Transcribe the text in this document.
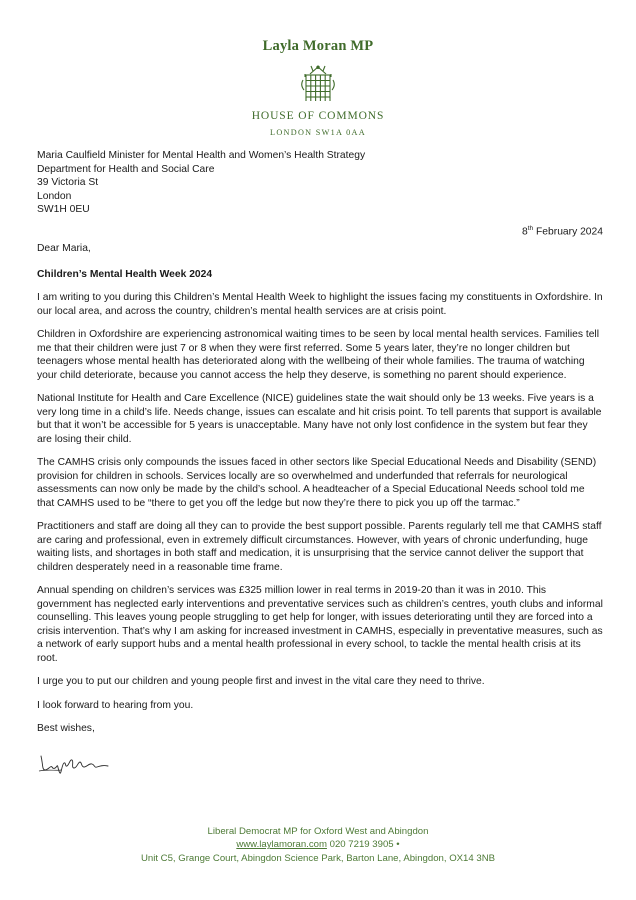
Layla Moran MP
HOUSE OF COMMONS
LONDON SW1A 0AA
Maria Caulfield Minister for Mental Health and Women’s Health Strategy
Department for Health and Social Care
39 Victoria St
London
SW1H 0EU
8th February 2024
Dear Maria,
Children’s Mental Health Week 2024

I am writing to you during this Children’s Mental Health Week to highlight the issues facing my constituents in Oxfordshire. In our local area, and across the country, children’s mental health services are at crisis point.

Children in Oxfordshire are experiencing astronomical waiting times to be seen by local mental health services. Families tell me that their children were just 7 or 8 when they were first referred. Some 5 years later, they’re no longer children but teenagers whose mental health has deteriorated along with the wellbeing of their whole families. The trauma of watching your child deteriorate, because you cannot access the help they deserve, is something no parent should experience.

National Institute for Health and Care Excellence (NICE) guidelines state the wait should only be 13 weeks. Five years is a very long time in a child’s life. Needs change, issues can escalate and hit crisis point. To tell parents that support is available but that it won’t be accessible for 5 years is unacceptable. Many have not only lost confidence in the system but fear they are losing their child.

The CAMHS crisis only compounds the issues faced in other sectors like Special Educational Needs and Disability (SEND) provision for children in schools. Services locally are so overwhelmed and underfunded that referrals for neurological assessments can now only be made by the child’s school. A headteacher of a Special Educational Needs school told me that CAMHS used to be “there to get you off the ledge but now they’re there to pick you up off the tarmac.”

Practitioners and staff are doing all they can to provide the best support possible. Parents regularly tell me that CAMHS staff are caring and professional, even in extremely difficult circumstances. However, with years of chronic underfunding, huge waiting lists, and shortages in both staff and medication, it is unsurprising that the service cannot deliver the support that children desperately need in a reasonable time frame.

Annual spending on children’s services was £325 million lower in real terms in 2019-20 than it was in 2010. This government has neglected early interventions and preventative services such as children’s centres, youth clubs and informal counselling. This leaves young people struggling to get help for longer, with issues deteriorating until they are forced into a crisis intervention. That’s why I am asking for increased investment in CAMHS, especially in preventative measures, such as a network of early support hubs and a mental health professional in every school, to tackle the mental health crisis at its root.

I urge you to put our children and young people first and invest in the vital care they need to thrive.

I look forward to hearing from you.

Best wishes,
Liberal Democrat MP for Oxford West and Abingdon
www.laylamoran.com 020 7219 3905 •
Unit C5, Grange Court, Abingdon Science Park, Barton Lane, Abingdon, OX14 3NB
